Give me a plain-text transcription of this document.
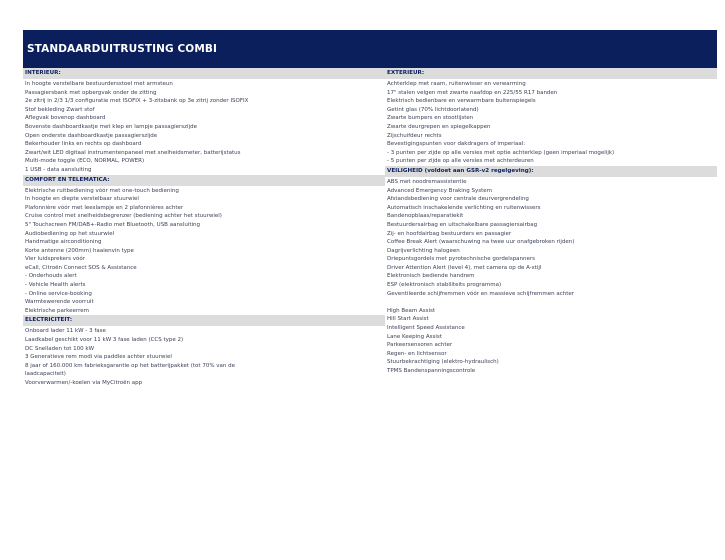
STANDAARDUITRUSTING COMBI
INTERIEUR:
In hoogte verstelbare bestuurdersstoel met armsteun
Passagiersbank met opbergvak onder de zitting
2e zitrij in 2/3 1/3 configuratie met ISOFIX + 3-zitsbank op 3e zitrij zonder ISOFIX
Stof bekleding Zwart stof
Aflegvak bovenop dashboard
Bovenste dashboardkastje met klep en lampje passagierszijde
Open onderste dashboardkastje passagierszijde
Bekerhouder links en rechts op dashboard
Zwart/wit LED digitaal instrumentenpaneel met snelheidsmeter, batterijstatus
Multi-mode toggle (ECO, NORMAL, POWER)
1 USB - data aansluiting
COMFORT EN TELEMATICA:
Elektrische ruitbediening vóór met one-touch bediening
In hoogte en diepte verstelbaar stuurwiel
Plafonnière vóór met leeslampje en 2 plafonnières achter
Cruise control met snelheidsbegrenzer (bediening achter het stuurwiel)
5" Touchscreen FM/DAB+-Radio met Bluetooth, USB aansluiting
Audiobediening op het stuurwiel
Handmatige airconditioning
Korte antenne (200mm) haaienvin type
Vier luidsprekers vóór
eCall, Citroën Connect SOS & Assistance
- Onderhouds alert
- Vehicle Health alerts
- Online service-booking
Warmtewerende voorruit
Elektrische parkeerrem
ELECTRICITEIT:
Onboard lader 11 kW - 3 fase
Laadkabel geschikt voor 11 kW 3 fase laden (CCS type 2)
DC Snelladen tot 100 kW
3 Generatieve rem modi via paddles achter stuurwiel
8 jaar of 160.000 km fabrieksgarantie op het batterijpakket (tot 70% van de
laadcapaciteit)
Voorverwarmen/-koelen via MyCitroën app
EXTERIEUR:
Achterklep met raam, ruitenwisser en verwarming
17" stalen velgen met zwarte naafdop en 225/55 R17 banden
Elektrisch bedienbare en verwarmbare buitenspiegels
Getint glas (70% lichtdoorlatend)
Zwarte bumpers en stootlijsten
Zwarte deurgrepen en spiegelkappen
Zijschuifdeur rechts
Bevestigingspunten voor dakdragers of imperiaal:
- 3 punten per zijde op alle versies met optie achterklep (geen imperiaal mogelijk)
- 5 punten per zijde op alle versies met achterdeuren
VEILIGHEID (voldoet aan GSR-v2 regelgeving):
ABS met noodremassistentie
Advanced Emergency Braking System
Afstandsbediening voor centrale deurvergrendeling
Automatisch inschakelende verlichting en ruitenwissers
Bandenopblaas/reparatiekit
Bestuurdersairbag en uitschakelbare passagiersairbag
Zij- en hoofdairbag bestuurders en passagier
Coffee Break Alert (waarschuwing na twee uur onafgebroken rijden)
Dagrijverlichting halogeen
Driepuntsgordels met pyrotechnische gordelspanners
Driver Attention Alert (level 4), met camera op de A-stijl
Elektronisch bediende handrem
ESP (elektronisch stabiliteits programma)
Geventileerde schijfremmen vóór en massieve schijfremmen achter
High Beam Assist
Hill Start Assist
Intelligent Speed Assistance
Lane Keeping Assist
Parkeersensoren achter
Regen- en lichtsensor
Stuurbekrachtiging (elektro-hydraulisch)
TPMS Bandenspanningscontrole
